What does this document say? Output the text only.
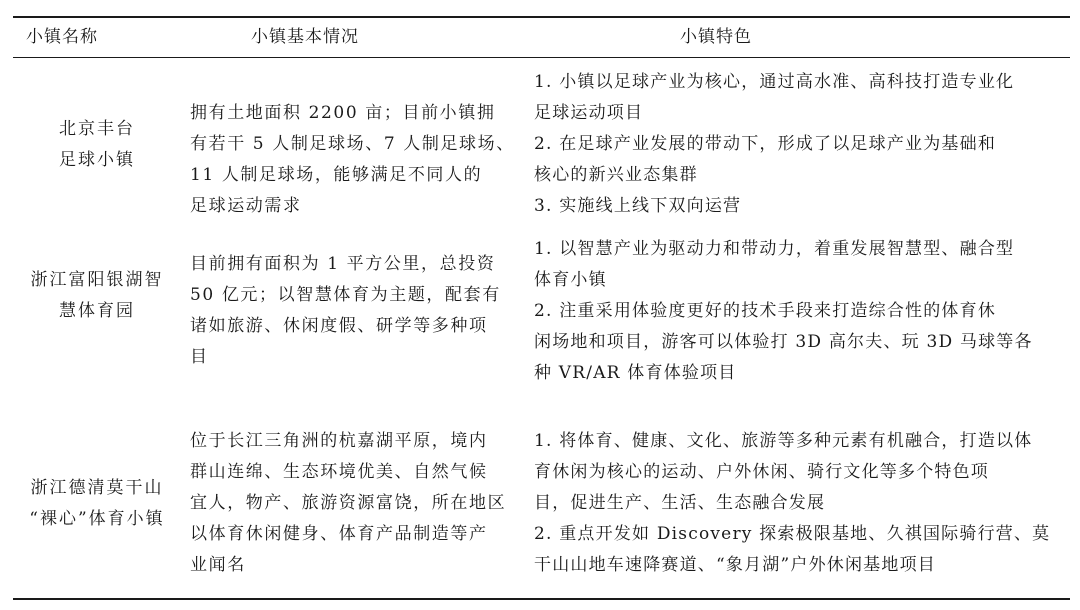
小镇名称	小镇基本情况	小镇特色
北京丰台
足球小镇
拥有土地面积 2200 亩；目前小镇拥
有若干 5 人制足球场、7 人制足球场、
11 人制足球场，能够满足不同人的
足球运动需求
1. 小镇以足球产业为核心，通过高水准、高科技打造专业化
足球运动项目
2. 在足球产业发展的带动下，形成了以足球产业为基础和
核心的新兴业态集群
3. 实施线上线下双向运营
浙江富阳银湖智
慧体育园
目前拥有面积为 1 平方公里，总投资
50 亿元；以智慧体育为主题，配套有
诸如旅游、休闲度假、研学等多种项
目
1. 以智慧产业为驱动力和带动力，着重发展智慧型、融合型
体育小镇
2. 注重采用体验度更好的技术手段来打造综合性的体育休
闲场地和项目，游客可以体验打 3D 高尔夫、玩 3D 马球等各
种 VR/AR 体育体验项目
浙江德清莫干山
“裸心”体育小镇
位于长江三角洲的杭嘉湖平原，境内
群山连绵、生态环境优美、自然气候
宜人，物产、旅游资源富饶，所在地区
以体育休闲健身、体育产品制造等产
业闻名
1. 将体育、健康、文化、旅游等多种元素有机融合，打造以体
育休闲为核心的运动、户外休闲、骑行文化等多个特色项
目，促进生产、生活、生态融合发展
2. 重点开发如 Discovery 探索极限基地、久祺国际骑行营、莫
干山山地车速降赛道、“象月湖”户外休闲基地项目
